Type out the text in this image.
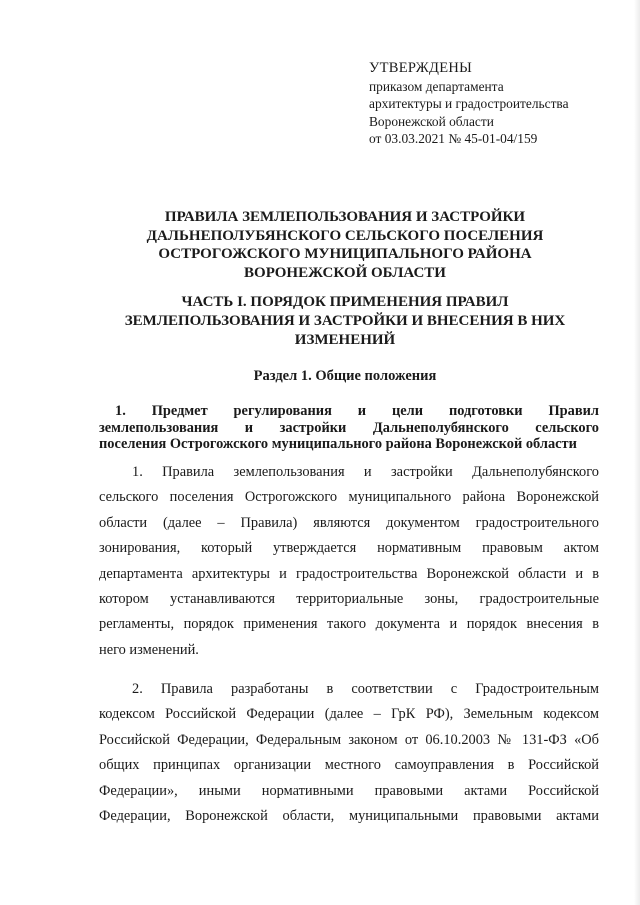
УТВЕРЖДЕНЫ
приказом департамента
архитектуры и градостроительства
Воронежской области
от 03.03.2021 № 45-01-04/159
ПРАВИЛА ЗЕМЛЕПОЛЬЗОВАНИЯ И ЗАСТРОЙКИ
ДАЛЬНЕПОЛУБЯНСКОГО СЕЛЬСКОГО ПОСЕЛЕНИЯ
ОСТРОГОЖСКОГО МУНИЦИПАЛЬНОГО РАЙОНА
ВОРОНЕЖСКОЙ ОБЛАСТИ
ЧАСТЬ I. ПОРЯДОК ПРИМЕНЕНИЯ ПРАВИЛ
ЗЕМЛЕПОЛЬЗОВАНИЯ И ЗАСТРОЙКИ И ВНЕСЕНИЯ В НИХ
ИЗМЕНЕНИЙ
Раздел 1. Общие положения
1. Предмет регулирования и цели подготовки Правил
землепользования и застройки Дальнеполубянского сельского
поселения Острогожского муниципального района Воронежской области
1. Правила землепользования и застройки Дальнеполубянского
сельского поселения Острогожского муниципального района Воронежской
области (далее – Правила) являются документом градостроительного
зонирования, который утверждается нормативным правовым актом
департамента архитектуры и градостроительства Воронежской области и в
котором устанавливаются территориальные зоны, градостроительные
регламенты, порядок применения такого документа и порядок внесения в
него изменений.
2. Правила разработаны в соответствии с Градостроительным
кодексом Российской Федерации (далее – ГрК РФ), Земельным кодексом
Российской Федерации, Федеральным законом от 06.10.2003 № 131-ФЗ «Об
общих принципах организации местного самоуправления в Российской
Федерации», иными нормативными правовыми актами Российской
Федерации, Воронежской области, муниципальными правовыми актами
